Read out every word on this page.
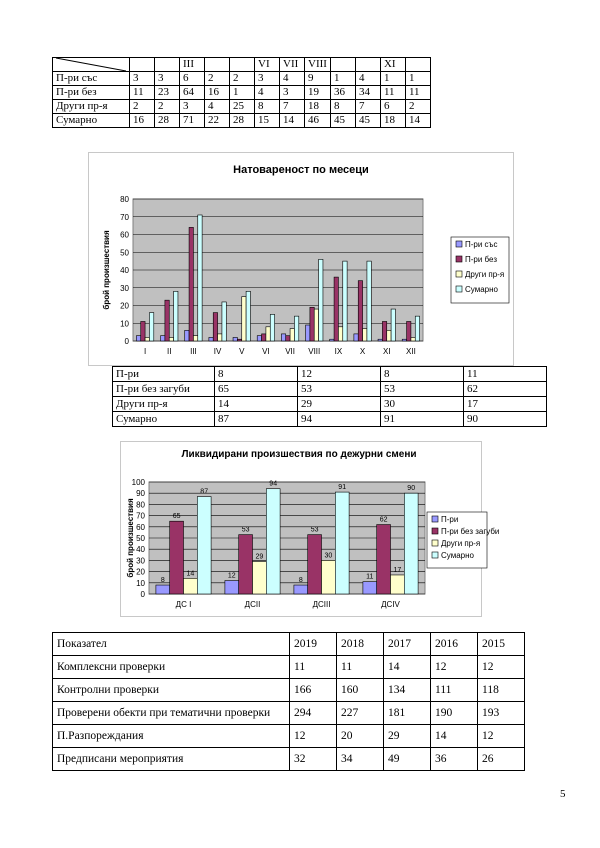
			III			VI	VII	VIII			XI	
П-ри със	3	3	6	2	2	3	4	9	1	4	1	1
П-ри без	11	23	64	16	1	4	3	19	36	34	11	11
Други пр-я	2	2	3	4	25	8	7	18	8	7	6	2
Сумарно	16	28	71	22	28	15	14	46	45	45	18	14
Натовареност по месеци
0
10
20
30
40
50
60
70
80
брой произшествия
I	II III IV V VI VII VIII IX X XI XII
П-ри със
П-ри без
Други пр-я
Сумарно
П-ри	8	12	8	11
П-ри без загуби	65	53	53	62
Други пр-я	14	29	30	17
Сумарно	87	94	91	90
Ликвидирани произшествия по дежурни смени
0
10
20
30
40
50
60
70
80
90
100
брой произшествия
8
65
14
87
ДС I
12
53
29
94
ДСII
8
53
30
91
ДСIII
11
62
17
90
ДСIV
П-ри
П-ри без загуби
Други пр-я
Сумарно
Показател	2019	2018	2017	2016	2015
Комплексни проверки	11	11	14	12	12
Контролни проверки	166	160	134	111	118
Проверени обекти при тематични проверки	294	227	181	190	193
П.Разпореждания	12	20	29	14	12
Предписани мероприятия	32	34	49	36	26
5
